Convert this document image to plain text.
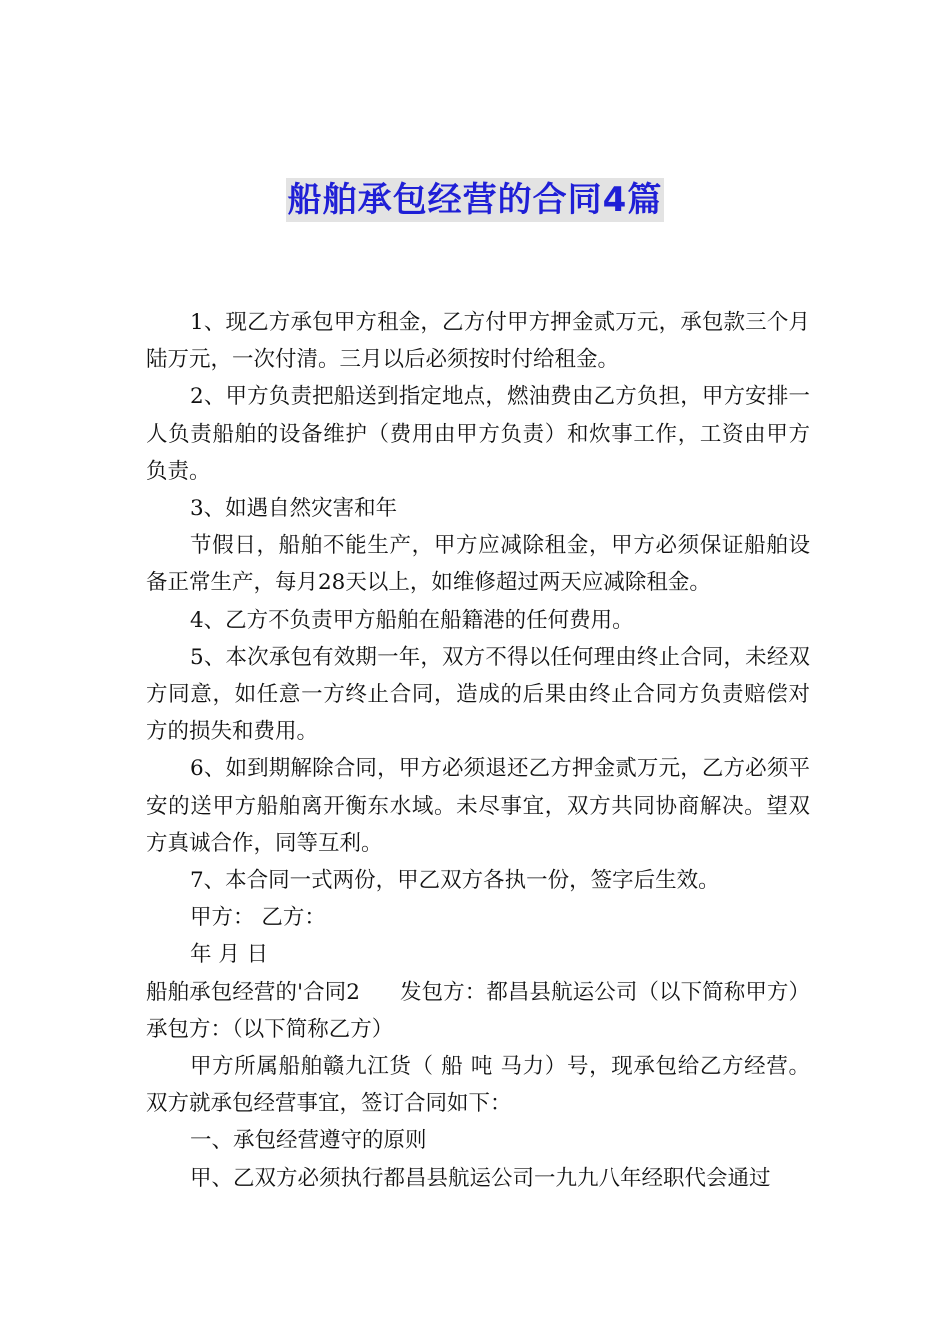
船舶承包经营的合同4篇

1、现乙方承包甲方租金，乙方付甲方押金贰万元，承包款三个月陆万元，一次付清。三月以后必须按时付给租金。

2、甲方负责把船送到指定地点，燃油费由乙方负担，甲方安排一人负责船舶的设备维护（费用由甲方负责）和炊事工作，工资由甲方负责。

3、如遇自然灾害和年

节假日，船舶不能生产，甲方应减除租金，甲方必须保证船舶设备正常生产，每月28天以上，如维修超过两天应减除租金。

4、乙方不负责甲方船舶在船籍港的任何费用。

5、本次承包有效期一年，双方不得以任何理由终止合同，未经双方同意，如任意一方终止合同，造成的后果由终止合同方负责赔偿对方的损失和费用。

6、如到期解除合同，甲方必须退还乙方押金贰万元，乙方必须平安的送甲方船舶离开衡东水域。未尽事宜，双方共同协商解决。望双方真诚合作，同等互利。

7、本合同一式两份，甲乙双方各执一份，签字后生效。

甲方： 乙方：

年 月 日

船舶承包经营的'合同2 发包方：都昌县航运公司（以下简称甲方） 承包方：（以下简称乙方）

甲方所属船舶赣九江货（ 船 吨 马力）号，现承包给乙方经营。双方就承包经营事宜，签订合同如下：

一、承包经营遵守的原则

甲、乙双方必须执行都昌县航运公司一九九八年经职代会通过
